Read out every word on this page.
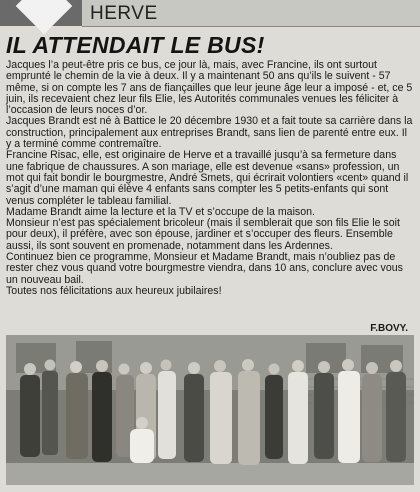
HERVE
IL ATTENDAIT LE BUS!

Jacques l’a peut-être pris ce bus, ce jour là, mais, avec Francine, ils ont surtout emprunté le chemin de la vie à deux. Il y a maintenant 50 ans qu’ils le suivent - 57 même, si on compte les 7 ans de fiançailles que leur jeune âge leur a imposé - et, ce 5 juin, ils recevaient chez leur fils Elie, les Autorités communales venues les féliciter à l’occasion de leurs noces d’or.

Jacques Brandt est né à Battice le 20 décembre 1930 et a fait toute sa carrière dans la construction, principalement aux entreprises Brandt, sans lien de parenté entre eux. Il y a terminé comme contremaître.

Francine Risac, elle, est originaire de Herve et a travaillé jusqu’à sa fermeture dans une fabrique de chaussures. A son mariage, elle est devenue «sans» profession, un mot qui fait bondir le bourgmestre, André Smets, qui écrirait volontiers «cent» quand il s’agit d’une maman qui élève 4 enfants sans compter les 5 petits-enfants qui sont venus compléter le tableau familial.

Madame Brandt aime la lecture et la TV et s’occupe de la maison.

Monsieur n’est pas spécialement bricoleur (mais il semblerait que son fils Elie le soit pour deux), il préfère, avec son épouse, jardiner et s’occuper des fleurs. Ensemble aussi, ils sont souvent en promenade, notamment dans les Ardennes.

Continuez bien ce programme, Monsieur et Madame Brandt, mais n’oubliez pas de rester chez vous quand votre bourgmestre viendra, dans 10 ans, conclure avec vous un nouveau bail.

Toutes nos félicitations aux heureux jubilaires!

F.BOVY.
